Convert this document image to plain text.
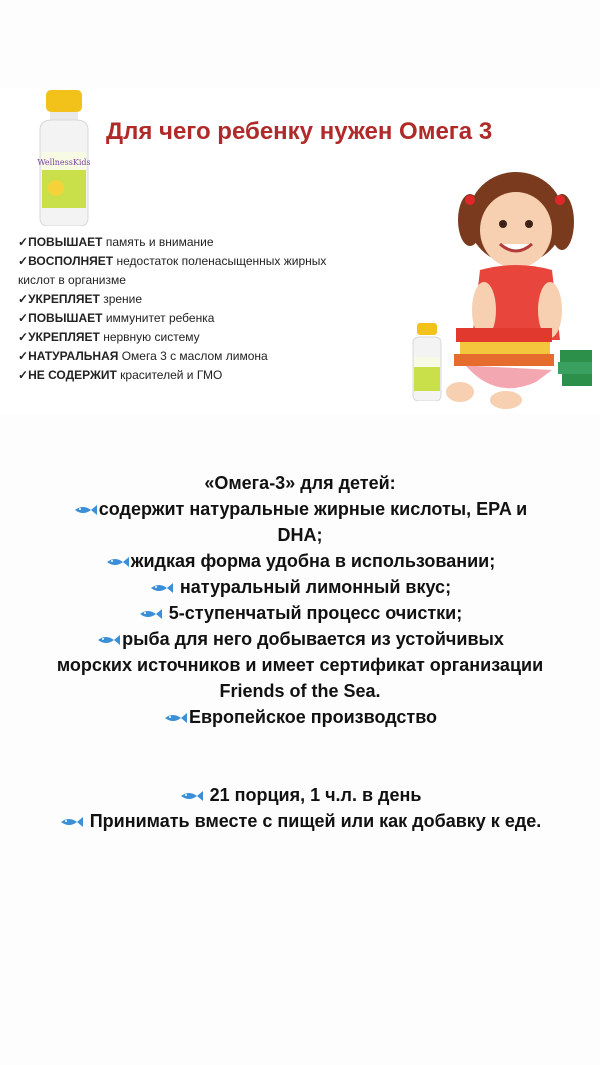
WellnessKids
Для чего ребенку нужен Омега 3
✓ПОВЫШАЕТ память и внимание
✓ВОСПОЛНЯЕТ недостаток поленасыщенных жирных
кислот в организме
✓УКРЕПЛЯЕТ зрение
✓ПОВЫШАЕТ иммунитет ребенка
✓УКРЕПЛЯЕТ нервную систему
✓НАТУРАЛЬНАЯ Омега 3 с маслом лимона
✓НЕ СОДЕРЖИТ красителей и ГМО
«Омега-3» для детей:
содержит натуральные жирные кислоты, EPA и
DHA;
жидкая форма удобна в использовании;
натуральный лимонный вкус;
5-ступенчатый процесс очистки;
рыба для него добывается из устойчивых
морских источников и имеет сертификат организации
Friends of the Sea.
Европейское производство
21 порция, 1 ч.л. в день
Принимать вместе с пищей или как добавку к еде.
